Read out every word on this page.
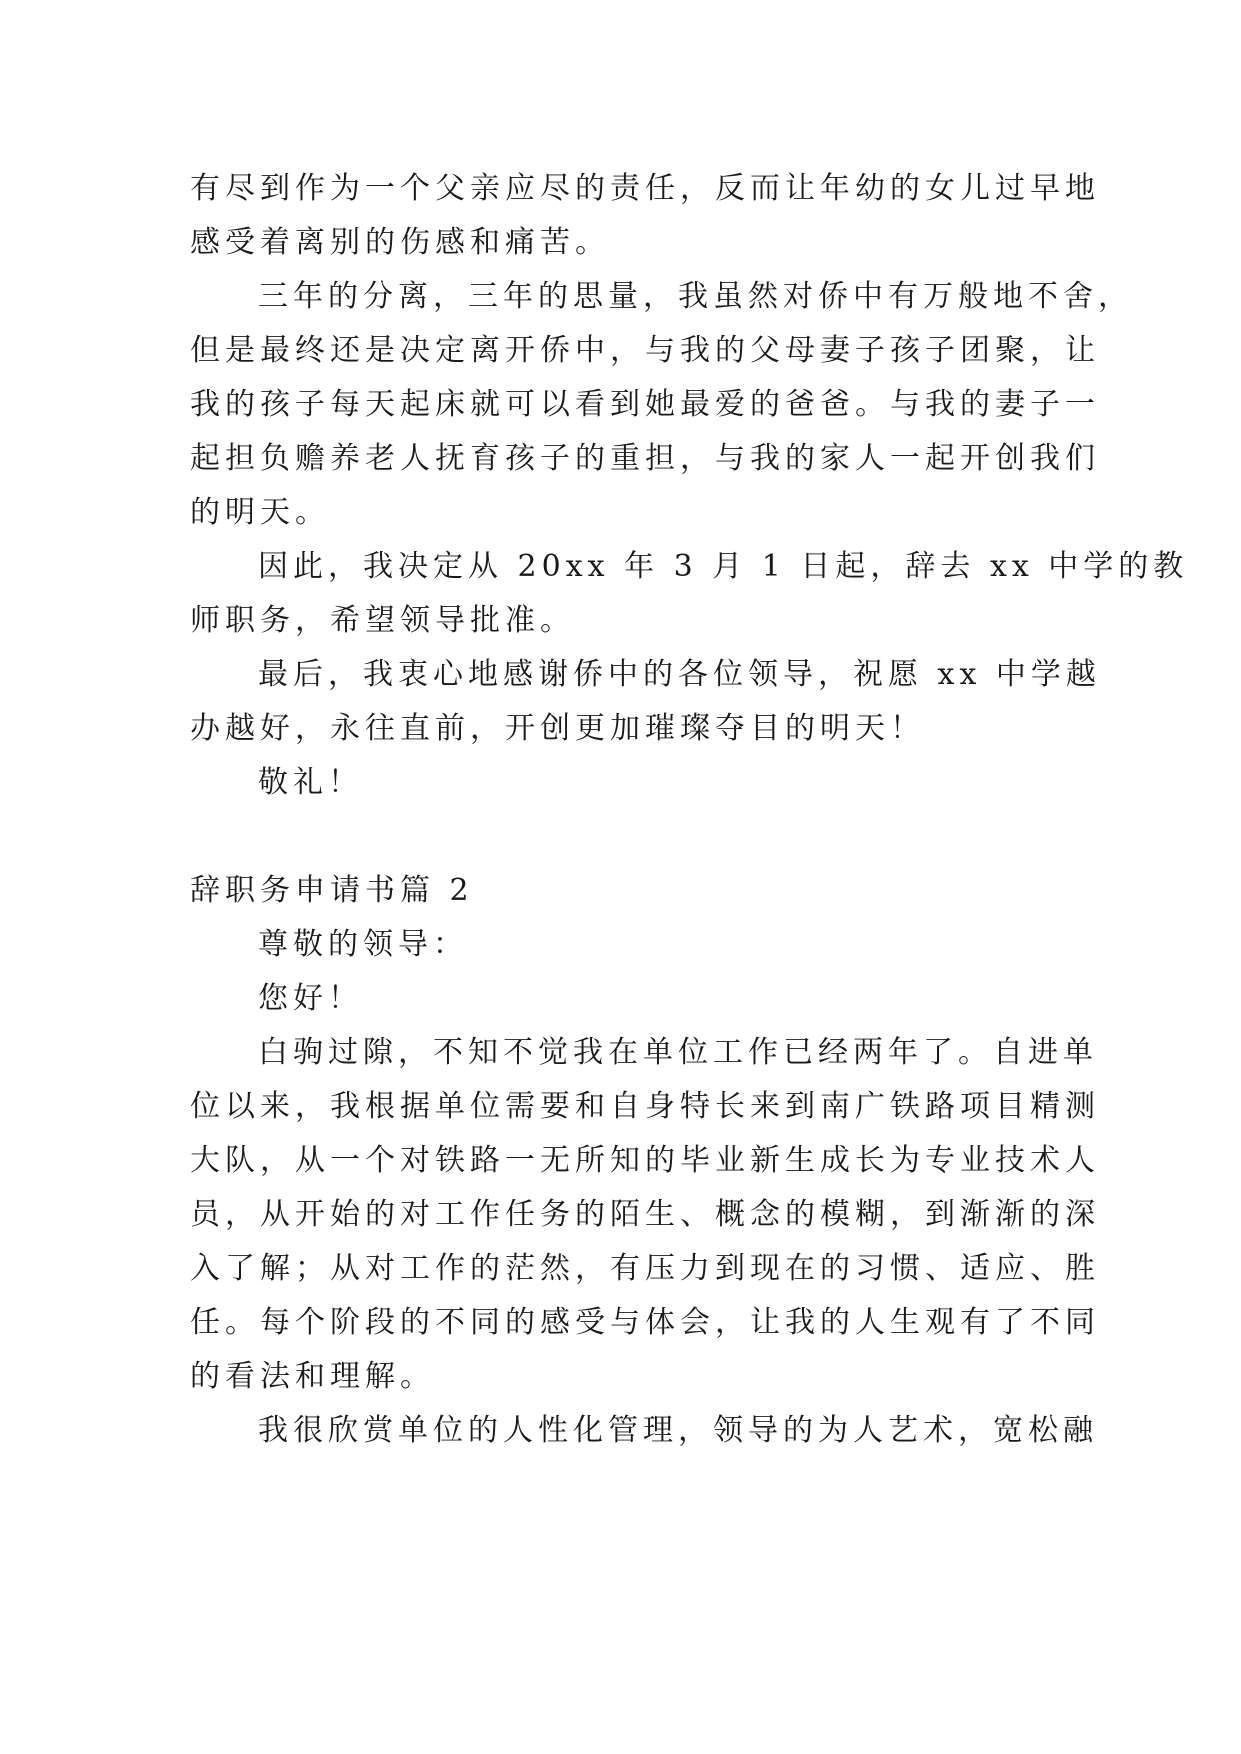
有尽到作为一个父亲应尽的责任，反而让年幼的女儿过早地
感受着离别的伤感和痛苦。
三年的分离，三年的思量，我虽然对侨中有万般地不舍，
但是最终还是决定离开侨中，与我的父母妻子孩子团聚，让
我的孩子每天起床就可以看到她最爱的爸爸。与我的妻子一
起担负赡养老人抚育孩子的重担，与我的家人一起开创我们
的明天。
因此，我决定从 20xx 年 3 月 1 日起，辞去 xx 中学的教
师职务，希望领导批准。
最后，我衷心地感谢侨中的各位领导，祝愿 xx 中学越
办越好，永往直前，开创更加璀璨夺目的明天！
敬礼！
辞职务申请书篇 2
尊敬的领导：
您好！
白驹过隙，不知不觉我在单位工作已经两年了。自进单
位以来，我根据单位需要和自身特长来到南广铁路项目精测
大队，从一个对铁路一无所知的毕业新生成长为专业技术人
员，从开始的对工作任务的陌生、概念的模糊，到渐渐的深
入了解；从对工作的茫然，有压力到现在的习惯、适应、胜
任。每个阶段的不同的感受与体会，让我的人生观有了不同
的看法和理解。
我很欣赏单位的人性化管理，领导的为人艺术，宽松融
